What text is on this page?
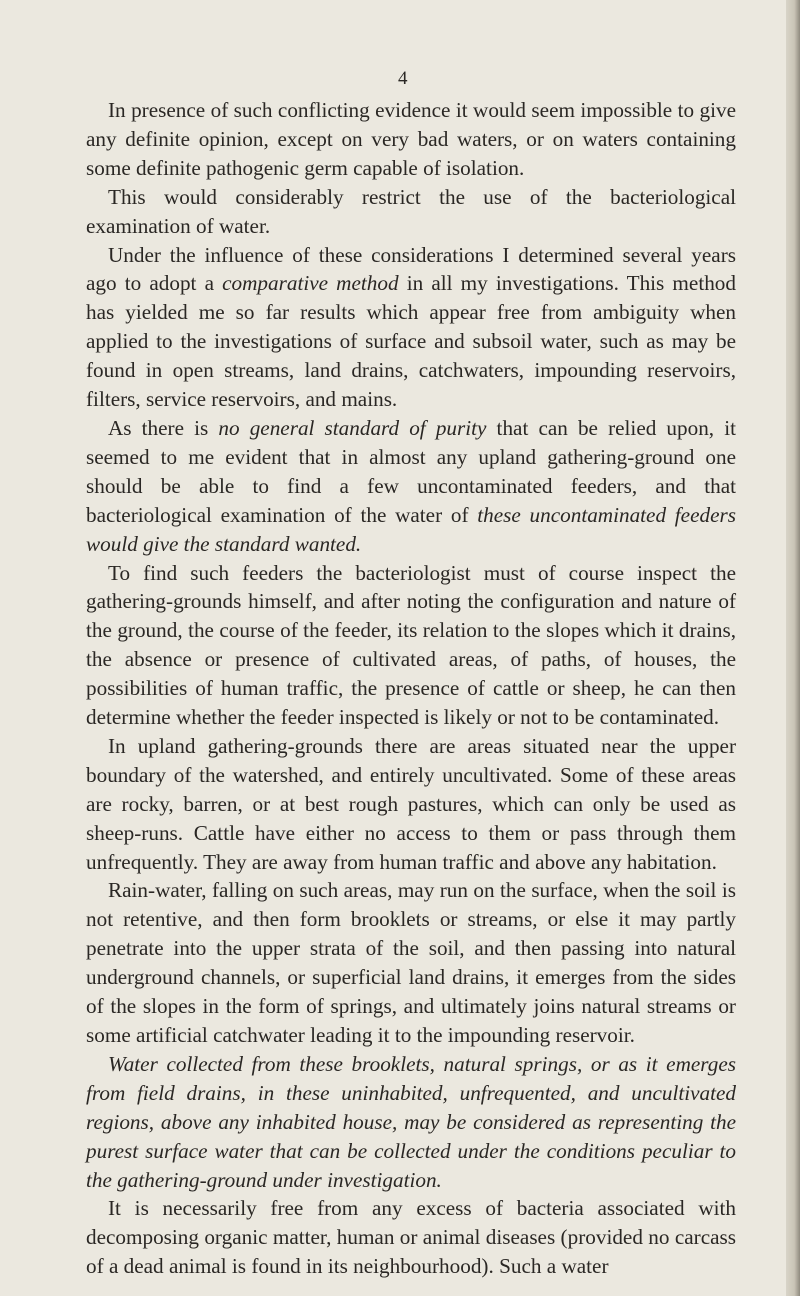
4

In presence of such conflicting evidence it would seem impossible to give any definite opinion, except on very bad waters, or on waters containing some definite pathogenic germ capable of isolation.

This would considerably restrict the use of the bacteriological examination of water.

Under the influence of these considerations I determined several years ago to adopt a comparative method in all my investigations. This method has yielded me so far results which appear free from ambiguity when applied to the investigations of surface and subsoil water, such as may be found in open streams, land drains, catchwaters, impounding reservoirs, filters, service reservoirs, and mains.

As there is no general standard of purity that can be relied upon, it seemed to me evident that in almost any upland gathering-ground one should be able to find a few uncontaminated feeders, and that bacteriological examination of the water of these uncontaminated feeders would give the standard wanted.

To find such feeders the bacteriologist must of course inspect the gathering-grounds himself, and after noting the configuration and nature of the ground, the course of the feeder, its relation to the slopes which it drains, the absence or presence of cultivated areas, of paths, of houses, the possibilities of human traffic, the presence of cattle or sheep, he can then determine whether the feeder inspected is likely or not to be contaminated.

In upland gathering-grounds there are areas situated near the upper boundary of the watershed, and entirely uncultivated. Some of these areas are rocky, barren, or at best rough pastures, which can only be used as sheep-runs. Cattle have either no access to them or pass through them unfrequently. They are away from human traffic and above any habitation.

Rain-water, falling on such areas, may run on the surface, when the soil is not retentive, and then form brooklets or streams, or else it may partly penetrate into the upper strata of the soil, and then passing into natural underground channels, or superficial land drains, it emerges from the sides of the slopes in the form of springs, and ultimately joins natural streams or some artificial catchwater leading it to the impounding reservoir.

Water collected from these brooklets, natural springs, or as it emerges from field drains, in these uninhabited, unfrequented, and uncultivated regions, above any inhabited house, may be considered as representing the purest surface water that can be collected under the conditions peculiar to the gathering-ground under investigation.

It is necessarily free from any excess of bacteria associated with decomposing organic matter, human or animal diseases (provided no carcass of a dead animal is found in its neighbourhood). Such a water
